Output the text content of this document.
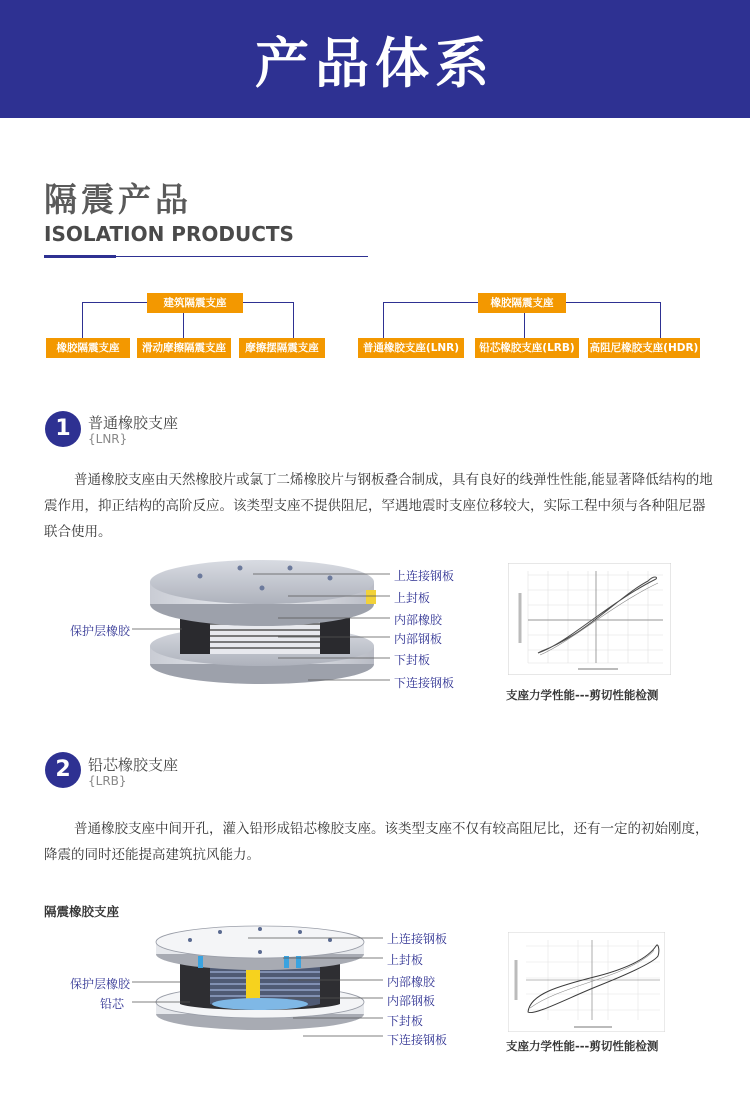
产品体系
隔震产品
ISOLATION PRODUCTS
建筑隔震支座
橡胶隔震支座	滑动摩擦隔震支座	摩擦摆隔震支座
橡胶隔震支座
普通橡胶支座(LNR)	铅芯橡胶支座(LRB)	高阻尼橡胶支座(HDR)
1	普通橡胶支座
{LNR}
普通橡胶支座由天然橡胶片或氯丁二烯橡胶片与钢板叠合制成，具有良好的线弹性性能,能显著降低结构的地震作用，抑正结构的高阶反应。该类型支座不提供阻尼，罕遇地震时支座位移较大，实际工程中须与各种阻尼器联合使用。
保护层橡胶
上连接钢板
上封板
内部橡胶
内部钢板
下封板
下连接钢板
支座力学性能---剪切性能检测
2	铅芯橡胶支座
{LRB}
普通橡胶支座中间开孔，灌入铅形成铅芯橡胶支座。该类型支座不仅有较高阻尼比，还有一定的初始刚度，降震的同时还能提高建筑抗风能力。
隔震橡胶支座
保护层橡胶
铅芯
上连接钢板
上封板
内部橡胶
内部钢板
下封板
下连接钢板	支座力学性能---剪切性能检测
